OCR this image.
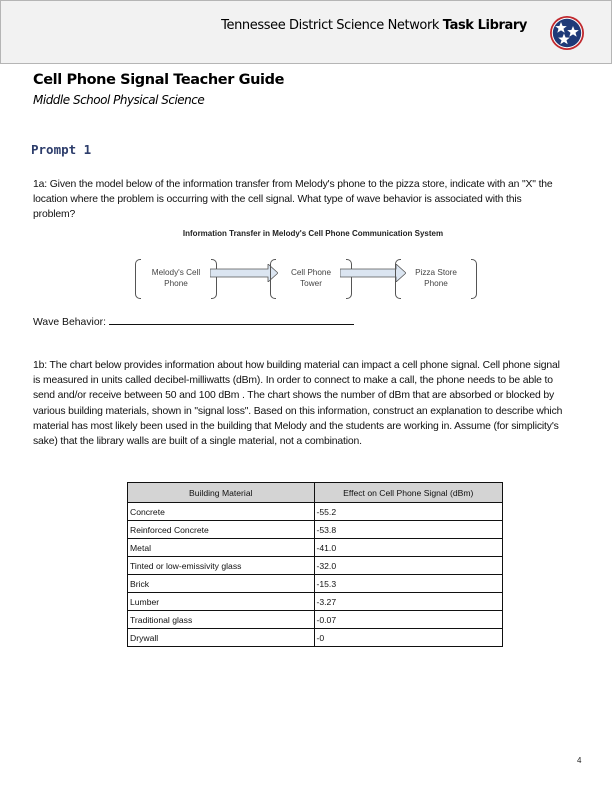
Tennessee District Science Network Task Library
Cell Phone Signal Teacher Guide
Middle School Physical Science
Prompt 1
1a: Given the model below of the information transfer from Melody's phone to the pizza store, indicate with an "X" the location where the problem is occurring with the cell signal. What type of wave behavior is associated with this problem?
Information Transfer in Melody's Cell Phone Communication System
Melody's Cell
Phone
Cell Phone
Tower
Pizza Store
Phone
Wave Behavior:
1b: The chart below provides information about how building material can impact a cell phone signal. Cell phone signal is measured in units called decibel-milliwatts (dBm). In order to connect to make a call, the phone needs to be able to send and/or receive between 50 and 100 dBm . The chart shows the number of dBm that are absorbed or blocked by various building materials, shown in "signal loss". Based on this information, construct an explanation to describe which material has most likely been used in the building that Melody and the students are working in. Assume (for simplicity's sake) that the library walls are built of a single material, not a combination.
Building Material	Effect on Cell Phone Signal (dBm)
Concrete	-55.2
Reinforced Concrete	-53.8
Metal	-41.0
Tinted or low-emissivity glass	-32.0
Brick	-15.3
Lumber	-3.27
Traditional glass	-0.07
Drywall	-0
4
